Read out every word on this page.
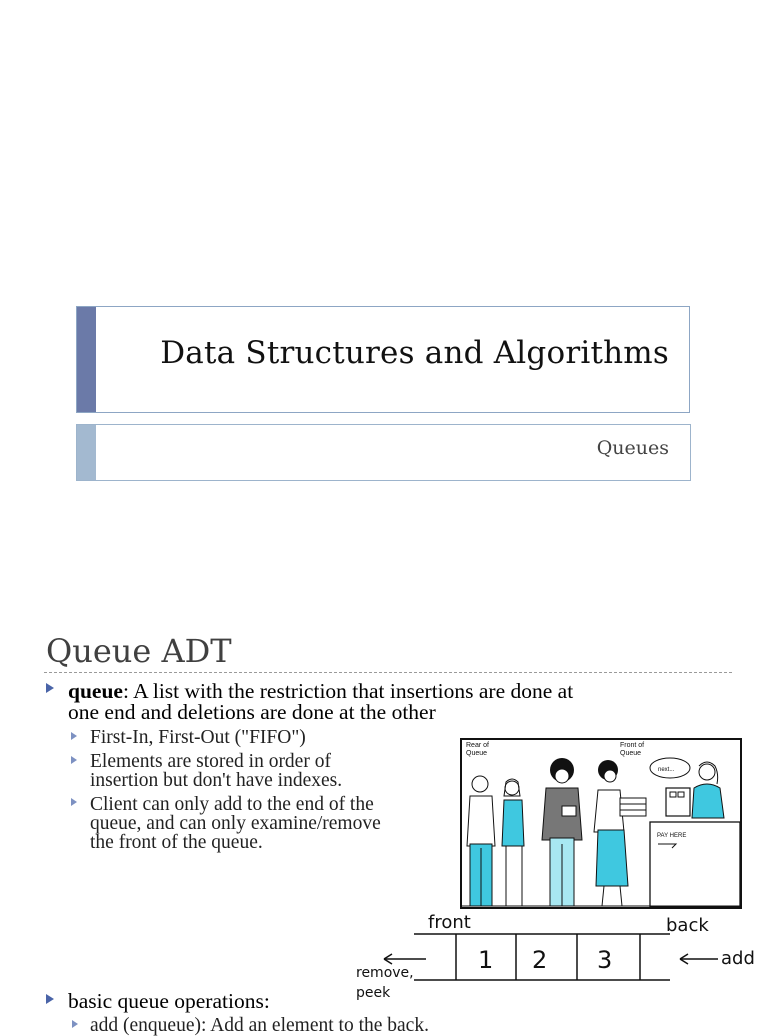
Data Structures and Algorithms
Queues
Queue ADT
queue: A list with the restriction that insertions are done at
one end and deletions are done at the other
First-In, First-Out ("FIFO")
Elements are stored in order of
insertion but don't have indexes.
Client can only add to the end of the
queue, and can only examine/remove
the front of the queue.
Rear of
Queue
Front of
Queue
PAY HERE
next...
front	back
1 2 3
remove,
peek
add
basic queue operations:
add (enqueue): Add an element to the back.
